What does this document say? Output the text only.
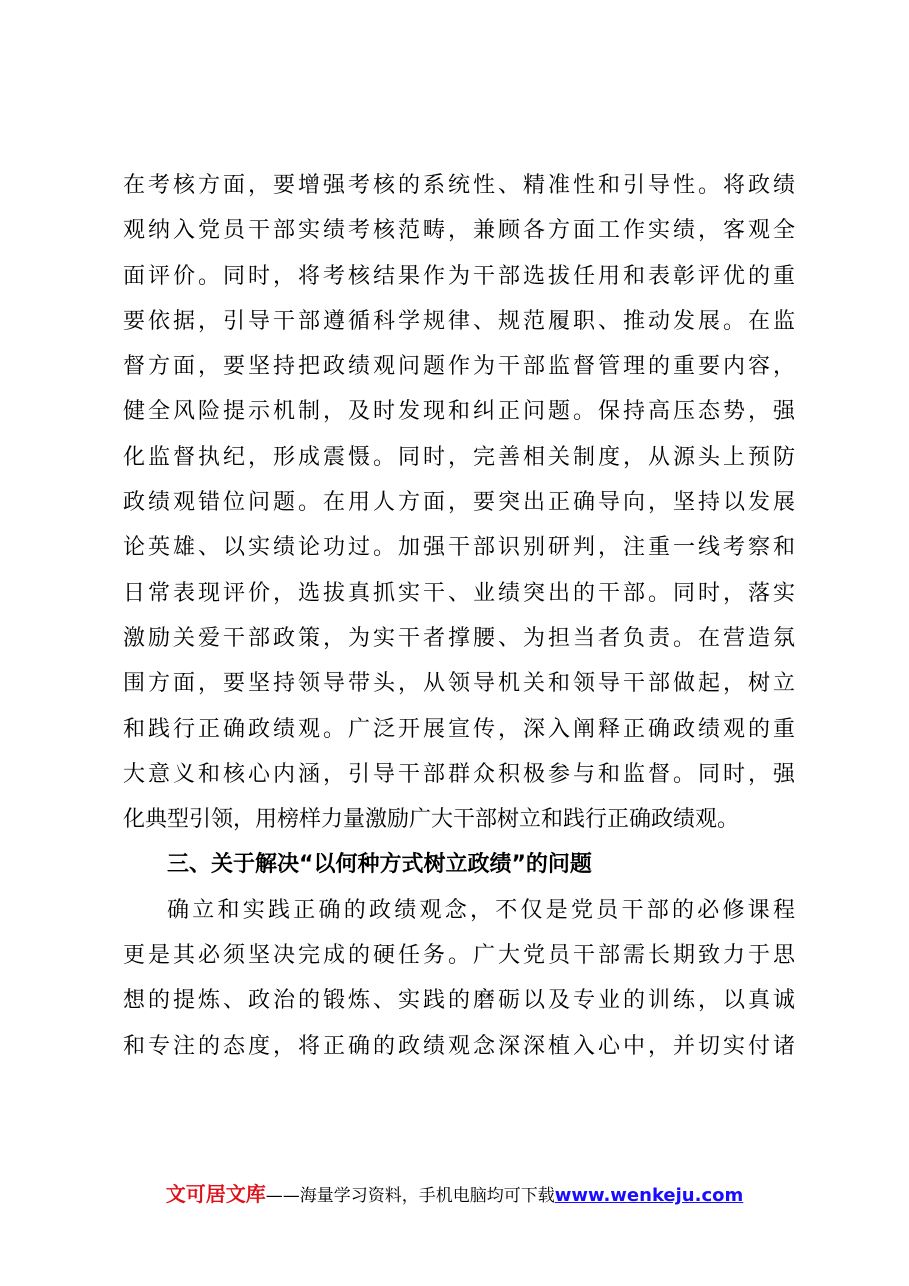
在考核方面，要增强考核的系统性、精准性和引导性。将政绩
观纳入党员干部实绩考核范畴，兼顾各方面工作实绩，客观全
面评价。同时，将考核结果作为干部选拔任用和表彰评优的重
要依据，引导干部遵循科学规律、规范履职、推动发展。在监
督方面，要坚持把政绩观问题作为干部监督管理的重要内容，
健全风险提示机制，及时发现和纠正问题。保持高压态势，强
化监督执纪，形成震慑。同时，完善相关制度，从源头上预防
政绩观错位问题。在用人方面，要突出正确导向，坚持以发展
论英雄、以实绩论功过。加强干部识别研判，注重一线考察和
日常表现评价，选拔真抓实干、业绩突出的干部。同时，落实
激励关爱干部政策，为实干者撑腰、为担当者负责。在营造氛
围方面，要坚持领导带头，从领导机关和领导干部做起，树立
和践行正确政绩观。广泛开展宣传，深入阐释正确政绩观的重
大意义和核心内涵，引导干部群众积极参与和监督。同时，强
化典型引领，用榜样力量激励广大干部树立和践行正确政绩观。
三、关于解决“以何种方式树立政绩”的问题
确立和实践正确的政绩观念，不仅是党员干部的必修课程
更是其必须坚决完成的硬任务。广大党员干部需长期致力于思
想的提炼、政治的锻炼、实践的磨砺以及专业的训练，以真诚
和专注的态度，将正确的政绩观念深深植入心中，并切实付诸
文可居文库——海量学习资料，手机电脑均可下载www.wenkeju.com
